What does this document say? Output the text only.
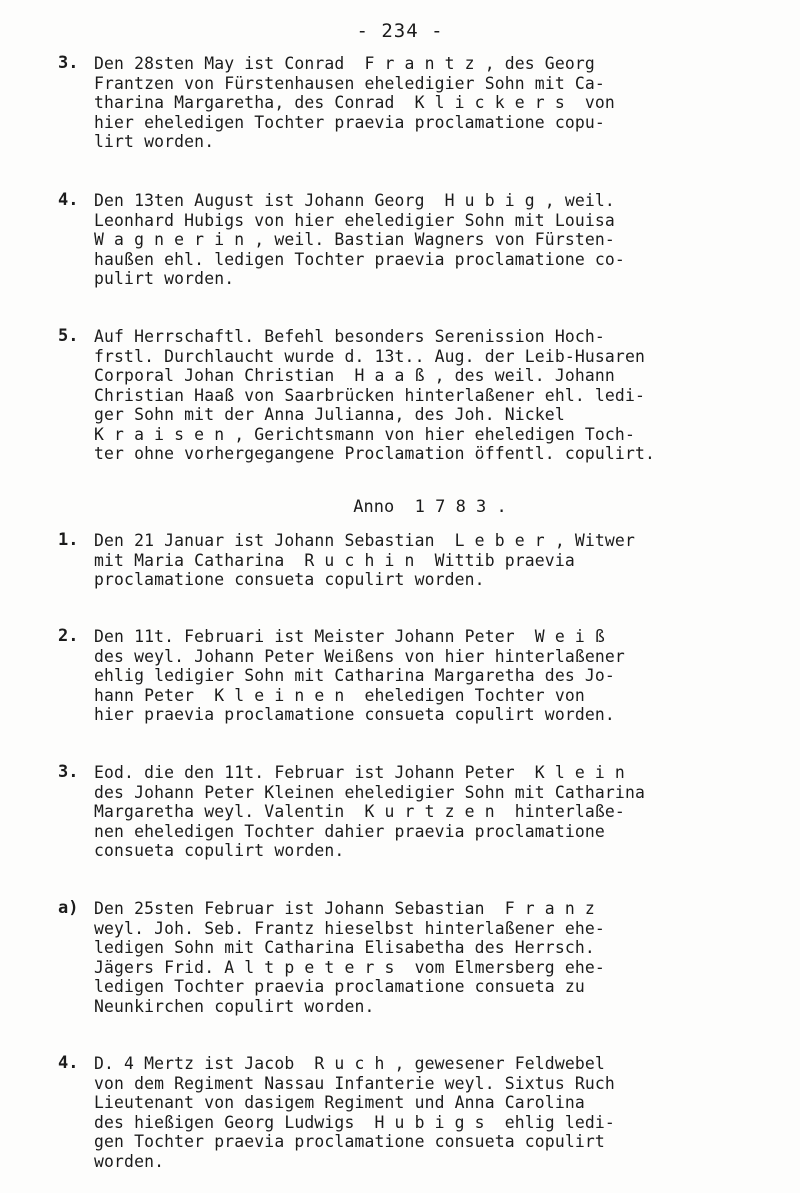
- 234 -
3. Den 28sten May ist Conrad  F r a n t z , des Georg
Frantzen von Fürstenhausen eheledigier Sohn mit Ca-
tharina Margaretha, des Conrad  K l i c k e r s  von
hier eheledigen Tochter praevia proclamatione copu-
lirt worden.
4. Den 13ten August ist Johann Georg  H u b i g , weil.
Leonhard Hubigs von hier eheledigier Sohn mit Louisa
W a g n e r i n , weil. Bastian Wagners von Fürsten-
haußen ehl. ledigen Tochter praevia proclamatione co-
pulirt worden.
5. Auf Herrschaftl. Befehl besonders Serenission Hoch-
frstl. Durchlaucht wurde d. 13t.. Aug. der Leib-Husaren
Corporal Johan Christian  H a a ß , des weil. Johann
Christian Haaß von Saarbrücken hinterlaßener ehl. ledi-
ger Sohn mit der Anna Julianna, des Joh. Nickel
K r a i s e n , Gerichtsmann von hier eheledigen Toch-
ter ohne vorhergegangene Proclamation öffentl. copulirt.
Anno  1 7 8 3 .
1. Den 21 Januar ist Johann Sebastian  L e b e r , Witwer
mit Maria Catharina  R u c h i n  Wittib praevia
proclamatione consueta copulirt worden.
2. Den 11t. Februari ist Meister Johann Peter  W e i ß
des weyl. Johann Peter Weißens von hier hinterlaßener
ehlig ledigier Sohn mit Catharina Margaretha des Jo-
hann Peter  K l e i n e n  eheledigen Tochter von
hier praevia proclamatione consueta copulirt worden.
3. Eod. die den 11t. Februar ist Johann Peter  K l e i n
des Johann Peter Kleinen eheledigier Sohn mit Catharina
Margaretha weyl. Valentin  K u r t z e n  hinterlaße-
nen eheledigen Tochter dahier praevia proclamatione
consueta copulirt worden.
a) Den 25sten Februar ist Johann Sebastian  F r a n z
weyl. Joh. Seb. Frantz hieselbst hinterlaßener ehe-
ledigen Sohn mit Catharina Elisabetha des Herrsch.
Jägers Frid. A l t p e t e r s  vom Elmersberg ehe-
ledigen Tochter praevia proclamatione consueta zu
Neunkirchen copulirt worden.
4. D. 4 Mertz ist Jacob  R u c h , gewesener Feldwebel
von dem Regiment Nassau Infanterie weyl. Sixtus Ruch
Lieutenant von dasigem Regiment und Anna Carolina
des hießigen Georg Ludwigs  H u b i g s  ehlig ledi-
gen Tochter praevia proclamatione consueta copulirt
worden.
